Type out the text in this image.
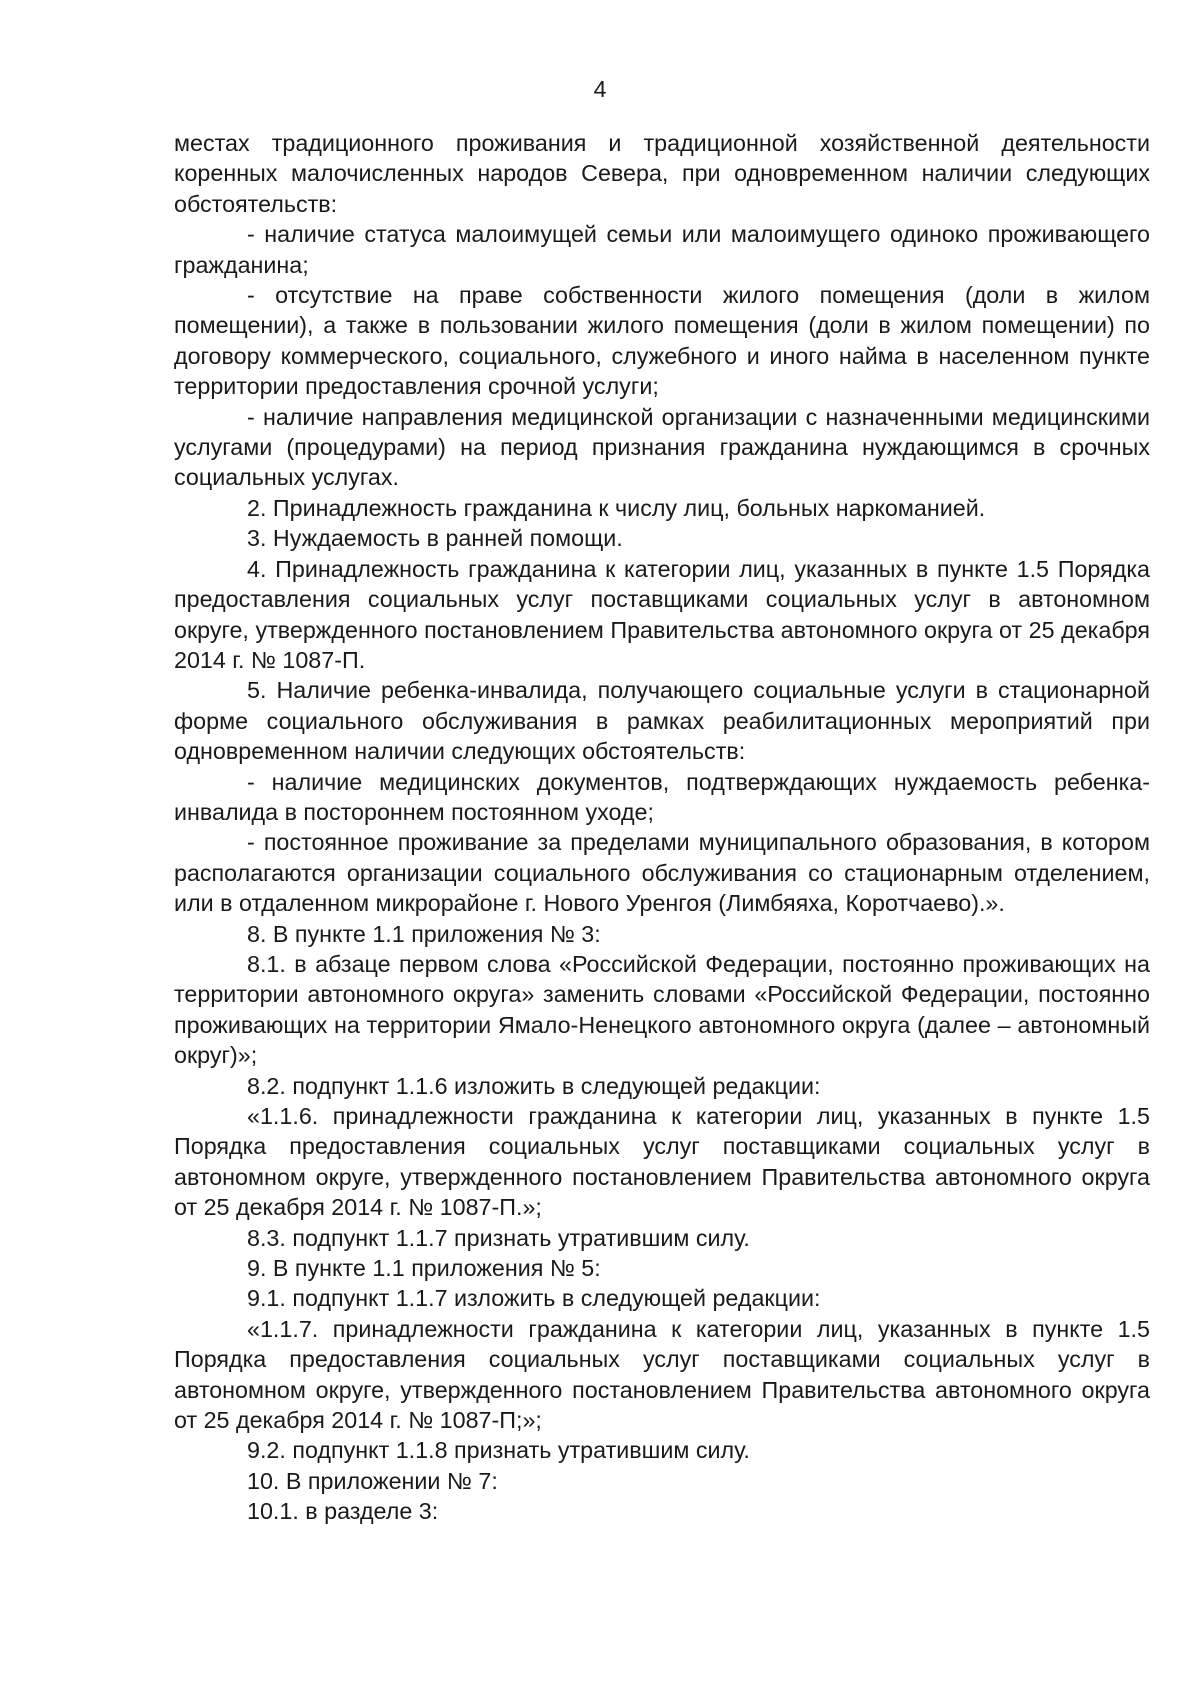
4

местах традиционного проживания и традиционной хозяйственной деятельности коренных малочисленных народов Севера, при одновременном наличии следующих обстоятельств:

- наличие статуса малоимущей семьи или малоимущего одиноко проживающего гражданина;

- отсутствие на праве собственности жилого помещения (доли в жилом помещении), а также в пользовании жилого помещения (доли в жилом помещении) по договору коммерческого, социального, служебного и иного найма в населенном пункте территории предоставления срочной услуги;

- наличие направления медицинской организации с назначенными медицинскими услугами (процедурами) на период признания гражданина нуждающимся в срочных социальных услугах.

2. Принадлежность гражданина к числу лиц, больных наркоманией.

3. Нуждаемость в ранней помощи.

4. Принадлежность гражданина к категории лиц, указанных в пункте 1.5 Порядка предоставления социальных услуг поставщиками социальных услуг в автономном округе, утвержденного постановлением Правительства автономного округа от 25 декабря 2014 г. № 1087-П.

5. Наличие ребенка-инвалида, получающего социальные услуги в стационарной форме социального обслуживания в рамках реабилитационных мероприятий при одновременном наличии следующих обстоятельств:

- наличие медицинских документов, подтверждающих нуждаемость ребенка-инвалида в постороннем постоянном уходе;

- постоянное проживание за пределами муниципального образования, в котором располагаются организации социального обслуживания со стационарным отделением, или в отдаленном микрорайоне г. Нового Уренгоя (Лимбяяха, Коротчаево).».

8. В пункте 1.1 приложения № 3:

8.1. в абзаце первом слова «Российской Федерации, постоянно проживающих на территории автономного округа» заменить словами «Российской Федерации, постоянно проживающих на территории Ямало-Ненецкого автономного округа (далее – автономный округ)»;

8.2. подпункт 1.1.6 изложить в следующей редакции:

«1.1.6. принадлежности гражданина к категории лиц, указанных в пункте 1.5 Порядка предоставления социальных услуг поставщиками социальных услуг в автономном округе, утвержденного постановлением Правительства автономного округа от 25 декабря 2014 г. № 1087-П.»;

8.3. подпункт 1.1.7 признать утратившим силу.

9. В пункте 1.1 приложения № 5:

9.1. подпункт 1.1.7 изложить в следующей редакции:

«1.1.7. принадлежности гражданина к категории лиц, указанных в пункте 1.5 Порядка предоставления социальных услуг поставщиками социальных услуг в автономном округе, утвержденного постановлением Правительства автономного округа от 25 декабря 2014 г. № 1087-П;»;

9.2. подпункт 1.1.8 признать утратившим силу.

10. В приложении № 7:

10.1. в разделе 3:
